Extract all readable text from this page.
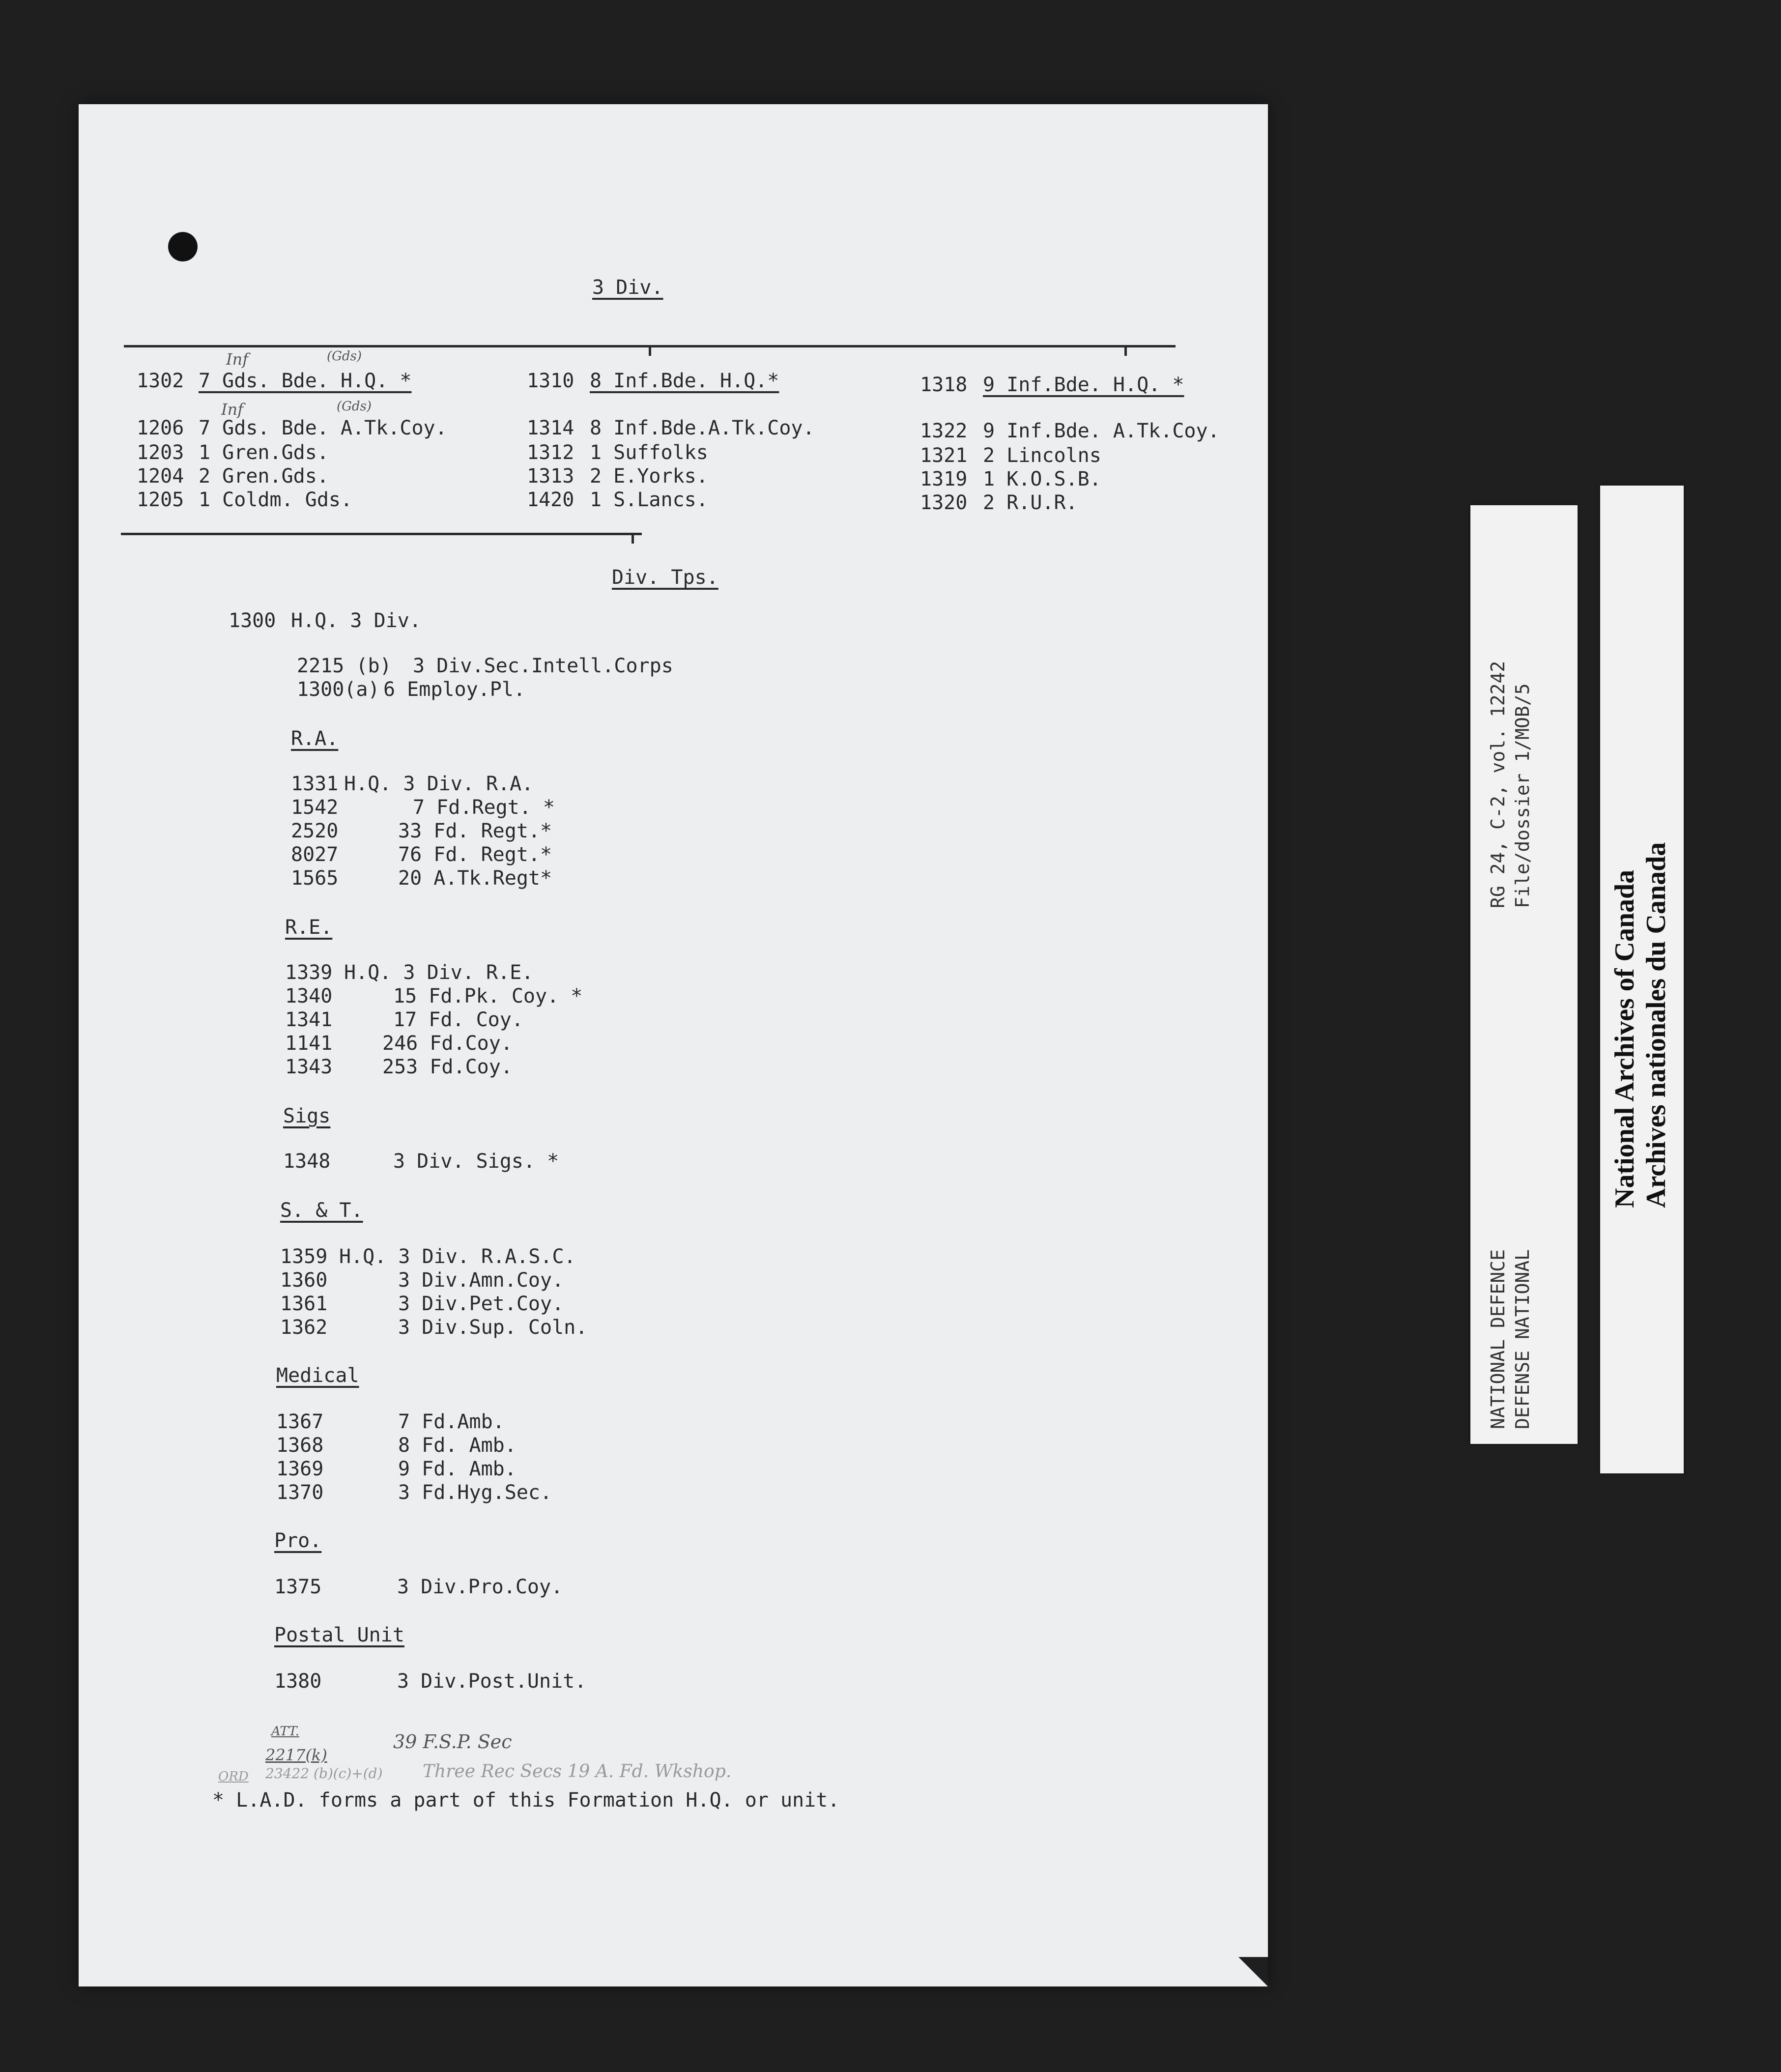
3 Div.
Inf	(Gds)
1302 7 Gds. Bde. H.Q. *
Inf	(Gds)
1206 7 Gds. Bde. A.Tk.Coy.
1203 1 Gren.Gds.
1204 2 Gren.Gds.
1205 1 Coldm. Gds.
1310 8 Inf.Bde. H.Q.*
1314 8 Inf.Bde.A.Tk.Coy.
1312 1 Suffolks
1313 2 E.Yorks.
1420 1 S.Lancs.
1318 9 Inf.Bde. H.Q. *
1322 9 Inf.Bde. A.Tk.Coy.
1321 2 Lincolns
1319 1 K.O.S.B.
1320 2 R.U.R.
Div. Tps.
1300 H.Q. 3 Div.
2215 (b) 3 Div.Sec.Intell.Corps
1300(a) 6 Employ.Pl.
R.A.
1331 H.Q. 3 Div. R.A.
1542	7 Fd.Regt. *
2520	33 Fd. Regt.*
8027	76 Fd. Regt.*
1565	20 A.Tk.Regt*
R.E.
1339 H.Q. 3 Div. R.E.
1340	15 Fd.Pk. Coy. *
1341	17 Fd. Coy.
1141	246 Fd.Coy.
1343	253 Fd.Coy.
Sigs
1348	3 Div. Sigs. *
S. & T.
1359 H.Q. 3 Div. R.A.S.C.
1360	3 Div.Amn.Coy.
1361	3 Div.Pet.Coy.
1362	3 Div.Sup. Coln.
Medical
1367	7 Fd.Amb.
1368	8 Fd. Amb.
1369	9 Fd. Amb.
1370	3 Fd.Hyg.Sec.
Pro.
1375	3 Div.Pro.Coy.
Postal Unit
1380	3 Div.Post.Unit.
ATT.
2217(k)
39 F.S.P. Sec
ORD 23422 (b)(c)+(d) Three Rec Secs 19 A. Fd. Wkshop.
* L.A.D. forms a part of this Formation H.Q. or unit.
RG 24, C-2, vol. 12242 File/dossier 1/MOB/5
NATIONAL DEFENCE DEFENSE NATIONAL
National Archives of Canada Archives nationales du Canada
